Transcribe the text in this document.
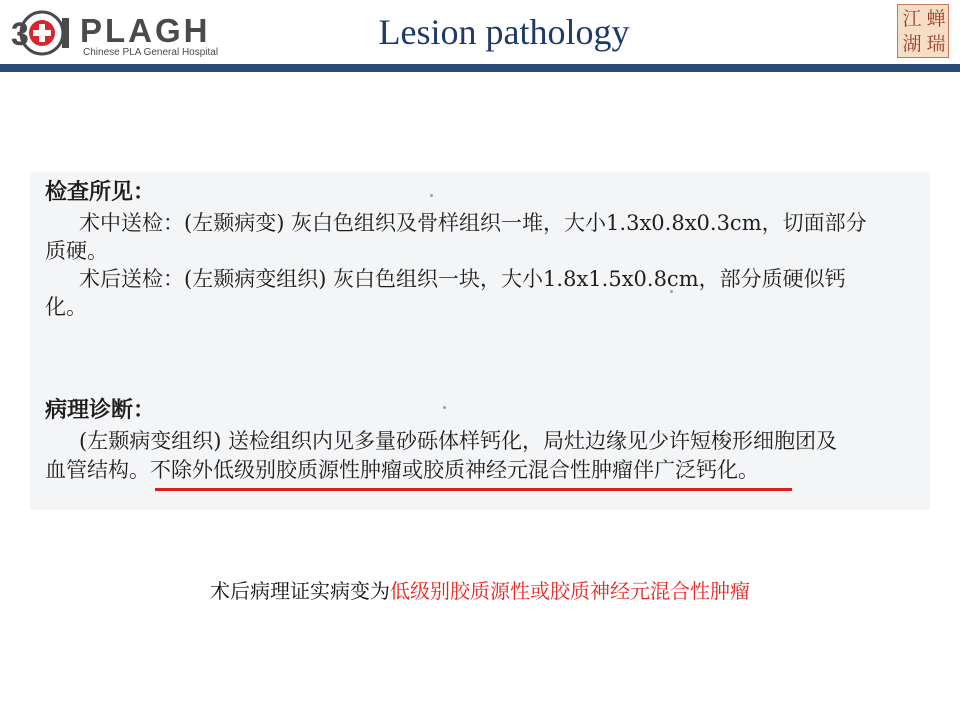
3 PLAGH
Chinese PLA General Hospital
Lesion pathology	蝉
江
瑞
湖
检查所见：
术中送检：(左颞病变) 灰白色组织及骨样组织一堆，大小1.3x0.8x0.3cm，切面部分
质硬。
术后送检：(左颞病变组织) 灰白色组织一块，大小1.8x1.5x0.8cm，部分质硬似钙
化。
病理诊断：
(左颞病变组织) 送检组织内见多量砂砾体样钙化，局灶边缘见少许短梭形细胞团及
血管结构。不除外低级别胶质源性肿瘤或胶质神经元混合性肿瘤伴广泛钙化。
术后病理证实病变为低级别胶质源性或胶质神经元混合性肿瘤
